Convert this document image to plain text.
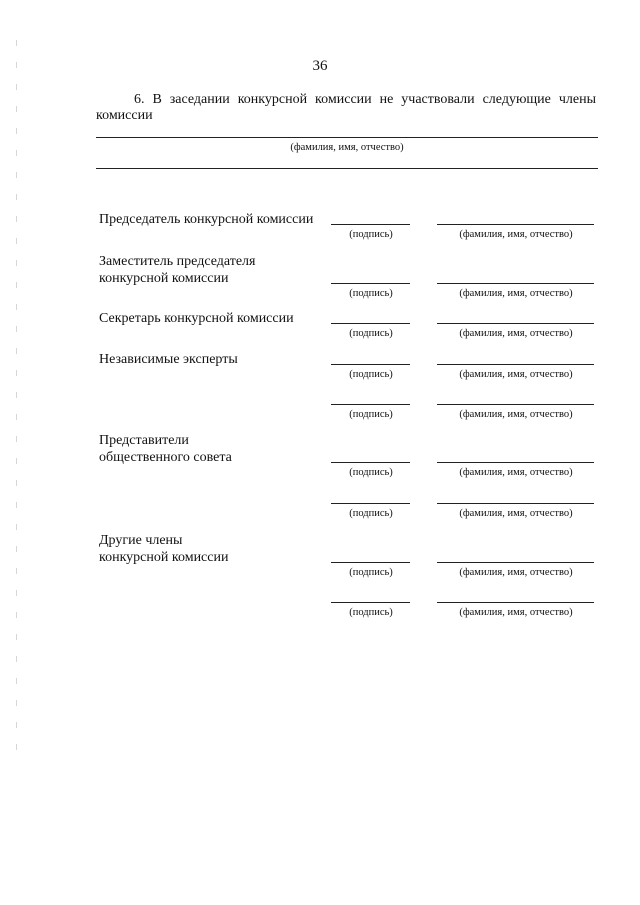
36
6. В заседании конкурсной комиссии не участвовали следующие члены комиссии
(фамилия, имя, отчество)
Председатель конкурсной комиссии
(подпись)	(фамилия, имя, отчество)
Заместитель председателя
конкурсной комиссии
(подпись)	(фамилия, имя, отчество)
Секретарь конкурсной комиссии
(подпись)	(фамилия, имя, отчество)
Независимые эксперты
(подпись)	(фамилия, имя, отчество)
(подпись)	(фамилия, имя, отчество)
Представители
общественного совета
(подпись)	(фамилия, имя, отчество)
(подпись)	(фамилия, имя, отчество)
Другие члены
конкурсной комиссии
(подпись)	(фамилия, имя, отчество)
(подпись)	(фамилия, имя, отчество)
